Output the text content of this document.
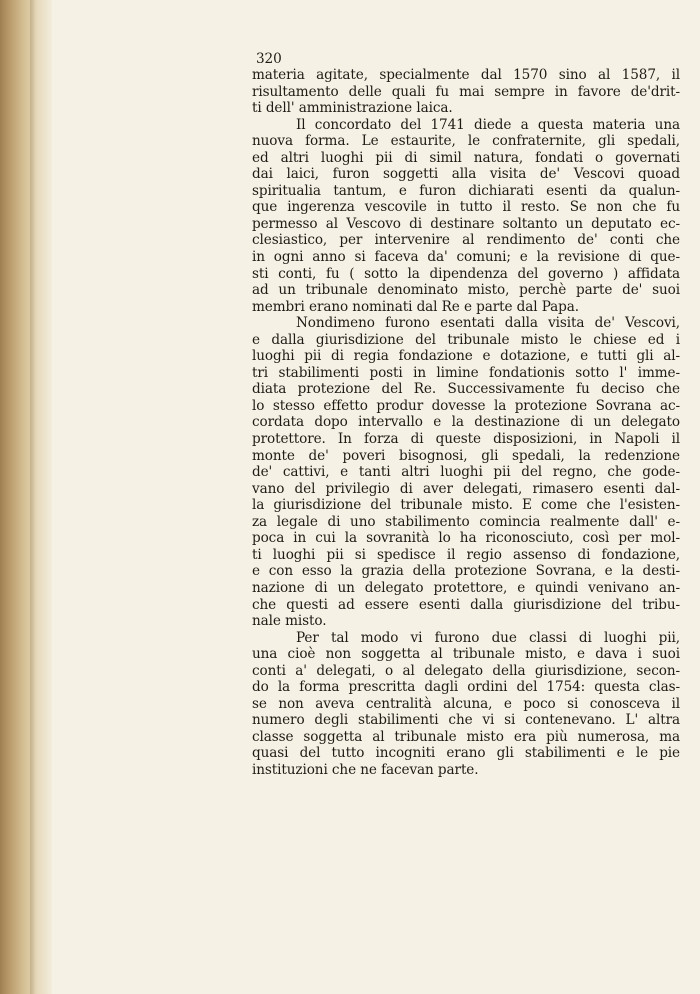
320
materia agitate, specialmente dal 1570 sino al 1587, il
risultamento delle quali fu mai sempre in favore de'drit-
ti dell' amministrazione laica.
Il concordato del 1741 diede a questa materia una
nuova forma. Le estaurite, le confraternite, gli spedali,
ed altri luoghi pii di simil natura, fondati o governati
dai laici, furon soggetti alla visita de' Vescovi quoad
spiritualia tantum, e furon dichiarati esenti da qualun-
que ingerenza vescovile in tutto il resto. Se non che fu
permesso al Vescovo di destinare soltanto un deputato ec-
clesiastico, per intervenire al rendimento de' conti che
in ogni anno si faceva da' comuni; e la revisione di que-
sti conti, fu ( sotto la dipendenza del governo ) affidata
ad un tribunale denominato misto, perchè parte de' suoi
membri erano nominati dal Re e parte dal Papa.
Nondimeno furono esentati dalla visita de' Vescovi,
e dalla giurisdizione del tribunale misto le chiese ed i
luoghi pii di regia fondazione e dotazione, e tutti gli al-
tri stabilimenti posti in limine fondationis sotto l' imme-
diata protezione del Re. Successivamente fu deciso che
lo stesso effetto produr dovesse la protezione Sovrana ac-
cordata dopo intervallo e la destinazione di un delegato
protettore. In forza di queste disposizioni, in Napoli il
monte de' poveri bisognosi, gli spedali, la redenzione
de' cattivi, e tanti altri luoghi pii del regno, che gode-
vano del privilegio di aver delegati, rimasero esenti dal-
la giurisdizione del tribunale misto. E come che l'esisten-
za legale di uno stabilimento comincia realmente dall' e-
poca in cui la sovranità lo ha riconosciuto, così per mol-
ti luoghi pii si spedisce il regio assenso di fondazione,
e con esso la grazia della protezione Sovrana, e la desti-
nazione di un delegato protettore, e quindi venivano an-
che questi ad essere esenti dalla giurisdizione del tribu-
nale misto.
Per tal modo vi furono due classi di luoghi pii,
una cioè non soggetta al tribunale misto, e dava i suoi
conti a' delegati, o al delegato della giurisdizione, secon-
do la forma prescritta dagli ordini del 1754: questa clas-
se non aveva centralità alcuna, e poco si conosceva il
numero degli stabilimenti che vi si contenevano. L' altra
classe soggetta al tribunale misto era più numerosa, ma
quasi del tutto incogniti erano gli stabilimenti e le pie
instituzioni che ne facevan parte.
